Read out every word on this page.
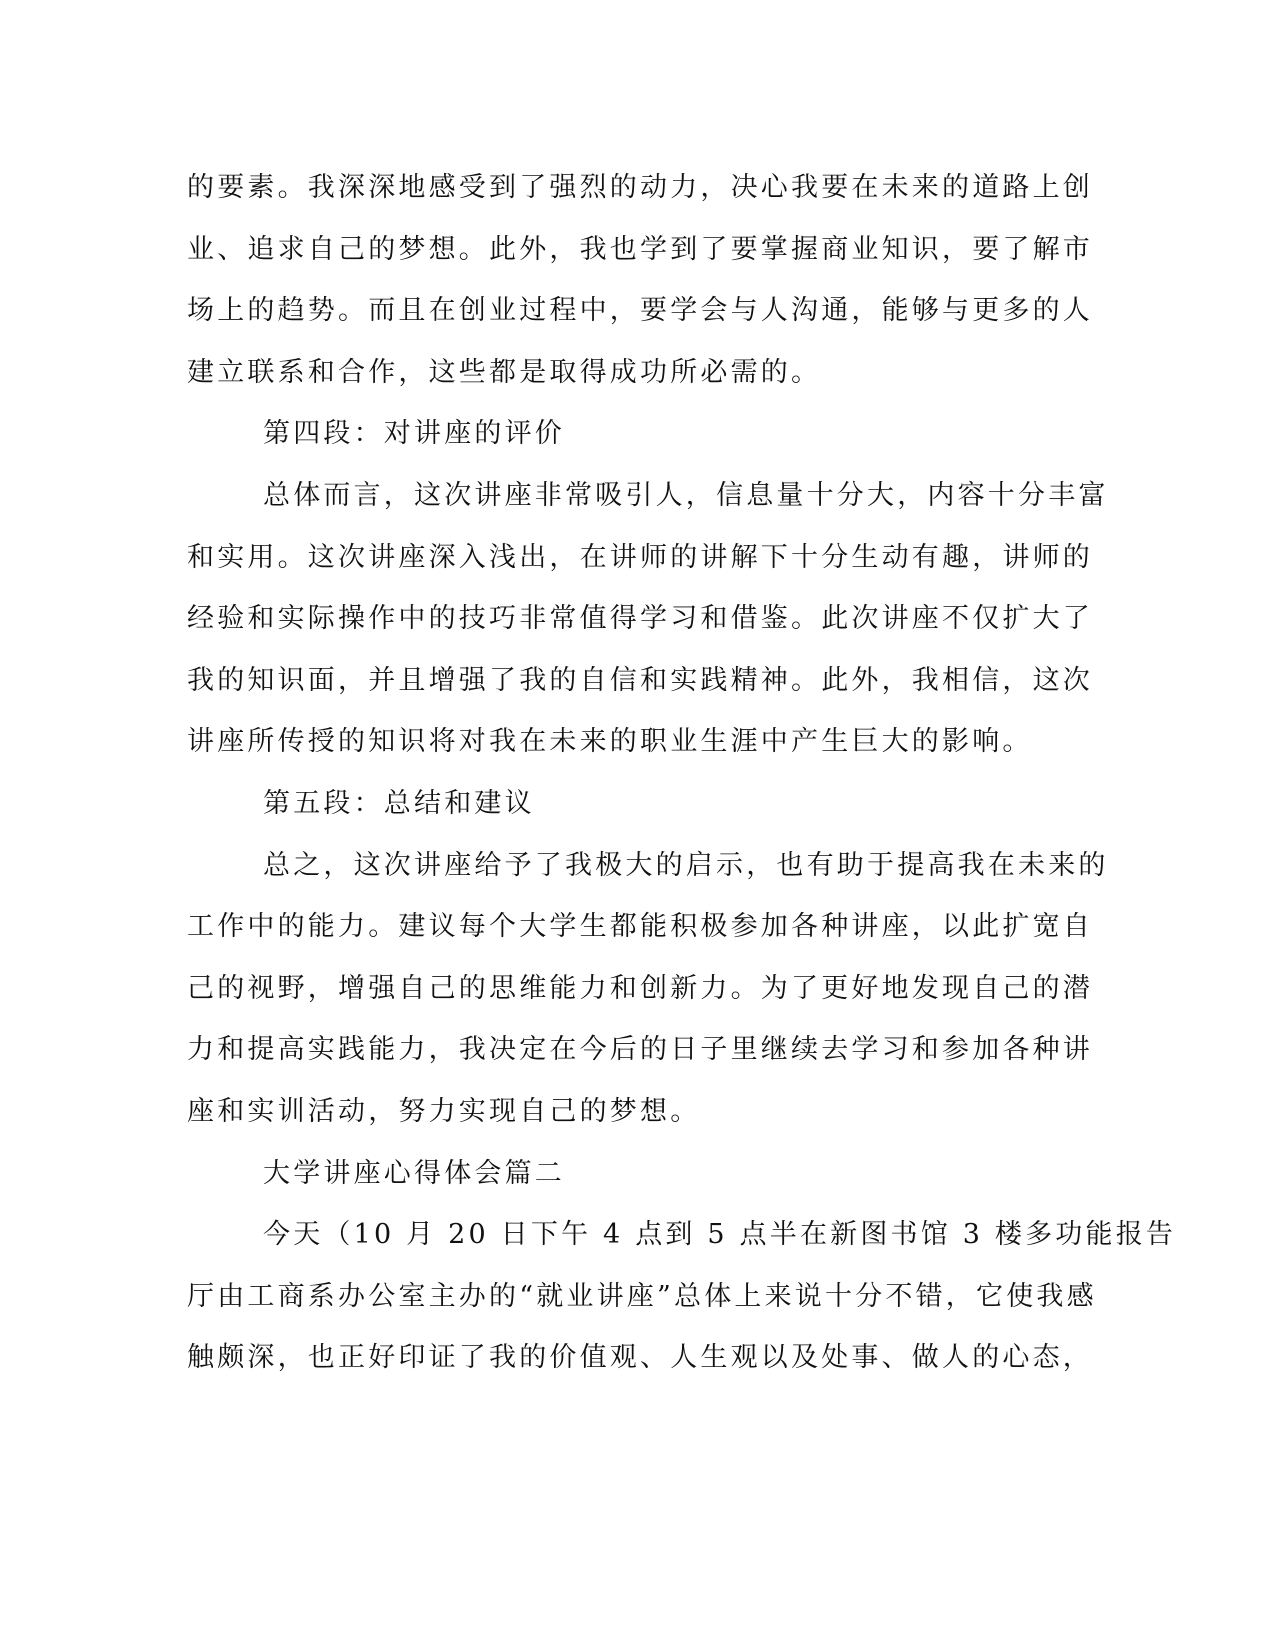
的要素。我深深地感受到了强烈的动力，决心我要在未来的道路上创
业、追求自己的梦想。此外，我也学到了要掌握商业知识，要了解市
场上的趋势。而且在创业过程中，要学会与人沟通，能够与更多的人
建立联系和合作，这些都是取得成功所必需的。
第四段：对讲座的评价
总体而言，这次讲座非常吸引人，信息量十分大，内容十分丰富
和实用。这次讲座深入浅出，在讲师的讲解下十分生动有趣，讲师的
经验和实际操作中的技巧非常值得学习和借鉴。此次讲座不仅扩大了
我的知识面，并且增强了我的自信和实践精神。此外，我相信，这次
讲座所传授的知识将对我在未来的职业生涯中产生巨大的影响。
第五段：总结和建议
总之，这次讲座给予了我极大的启示，也有助于提高我在未来的
工作中的能力。建议每个大学生都能积极参加各种讲座，以此扩宽自
己的视野，增强自己的思维能力和创新力。为了更好地发现自己的潜
力和提高实践能力，我决定在今后的日子里继续去学习和参加各种讲
座和实训活动，努力实现自己的梦想。
大学讲座心得体会篇二
今天（10 月 20 日下午 4 点到 5 点半在新图书馆 3 楼多功能报告
厅由工商系办公室主办的“就业讲座”总体上来说十分不错，它使我感
触颇深，也正好印证了我的价值观、人生观以及处事、做人的心态，
